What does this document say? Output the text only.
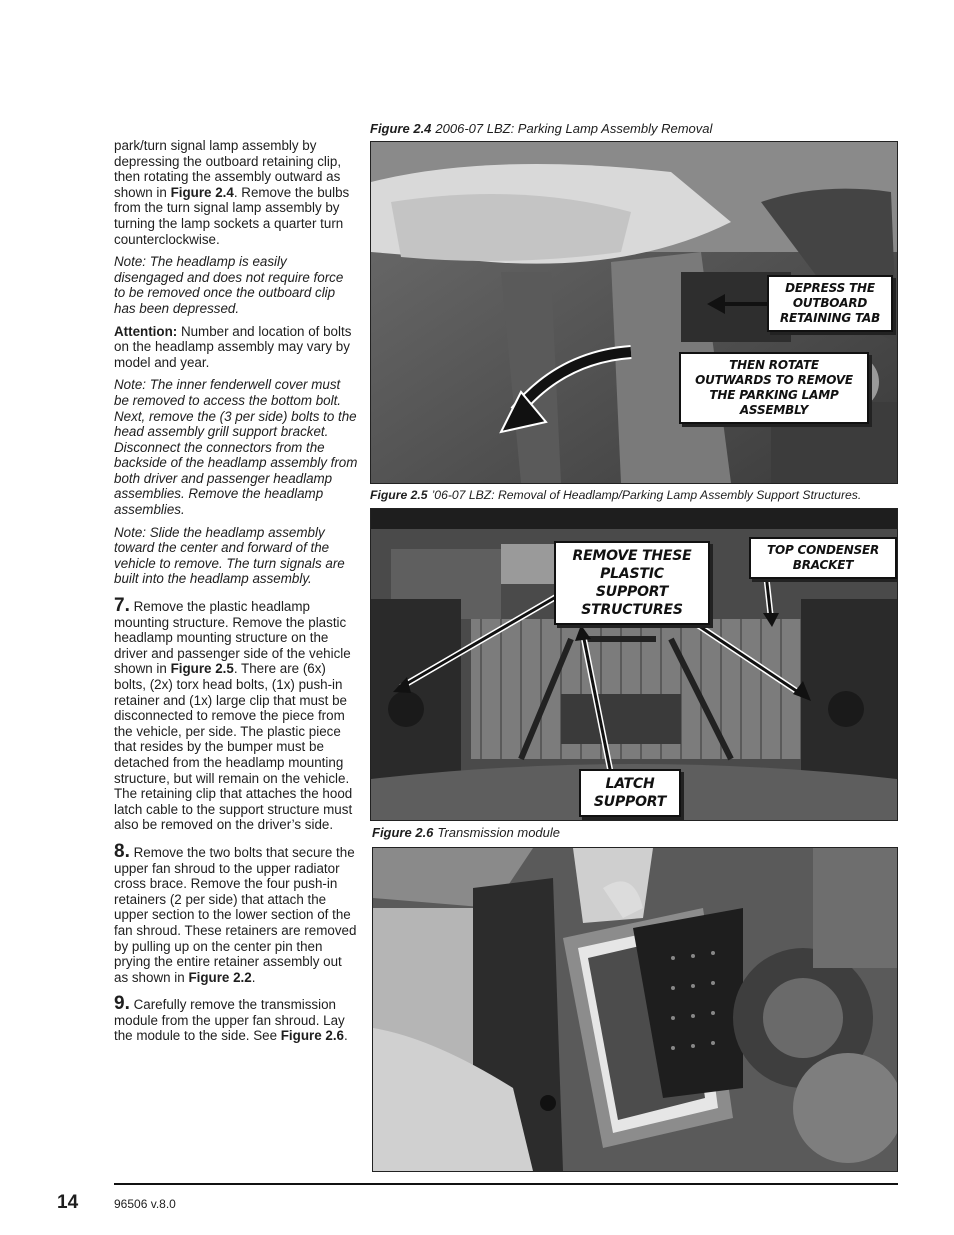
park/turn signal lamp assembly by depressing the outboard retaining clip, then rotating the assembly outward as shown in Figure 2.4. Remove the bulbs from the turn signal lamp assembly by turning the lamp sockets a quarter turn counterclockwise.

Note: The headlamp is easily disengaged and does not require force to be removed once the outboard clip has been depressed.

Attention: Number and location of bolts on the headlamp assembly may vary by model and year.

Note: The inner fenderwell cover must be removed to access the bottom bolt. Next, remove the (3 per side) bolts to the head assembly grill support bracket. Disconnect the connectors from the backside of the headlamp assembly from both driver and passenger headlamp assemblies. Remove the headlamp assemblies.

Note: Slide the headlamp assembly toward the center and forward of the vehicle to remove. The turn signals are built into the headlamp assembly.

7. Remove the plastic headlamp mounting structure. Remove the plastic headlamp mounting structure on the driver and passenger side of the vehicle shown in Figure 2.5. There are (6x) bolts, (2x) torx head bolts, (1x) push-in retainer and (1x) large clip that must be disconnected to remove the piece from the vehicle, per side. The plastic piece that resides by the bumper must be detached from the headlamp mounting structure, but will remain on the vehicle. The retaining clip that attaches the hood latch cable to the support structure must also be removed on the driver’s side.

8. Remove the two bolts that secure the upper fan shroud to the upper radiator cross brace. Remove the four push-in retainers (2 per side) that attach the upper section to the lower section of the fan shroud. These retainers are removed by pulling up on the center pin then prying the entire retainer assembly out as shown in Figure 2.2.

9. Carefully remove the transmission module from the upper fan shroud. Lay the module to the side. See Figure 2.6.

Figure 2.4 2006-07 LBZ: Parking Lamp Assembly Removal
DEPRESS THE OUTBOARD RETAINING TAB
THEN ROTATE OUTWARDS TO REMOVE THE PARKING LAMP ASSEMBLY
Figure 2.5 ’06-07 LBZ: Removal of Headlamp/Parking Lamp Assembly Support Structures.
REMOVE THESE PLASTIC SUPPORT STRUCTURES
TOP CONDENSER BRACKET
LATCH SUPPORT
Figure 2.6 Transmission module
14	96506 v.8.0
